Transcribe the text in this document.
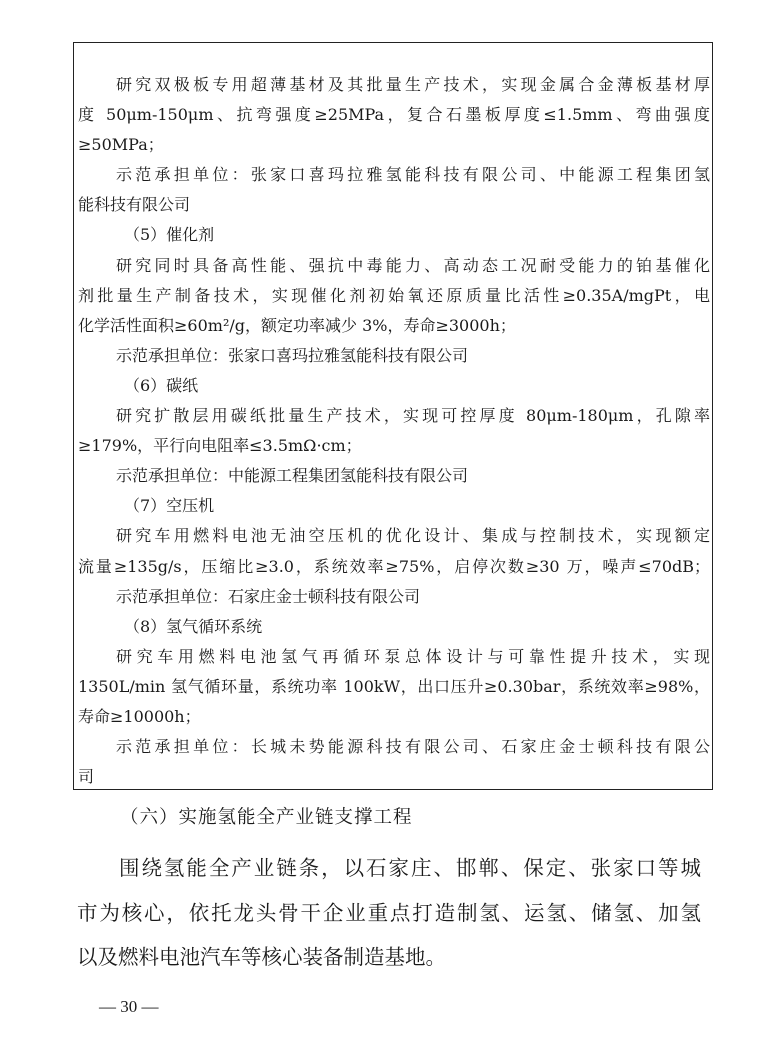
研究双极板专用超薄基材及其批量生产技术，实现金属合金薄板基材厚
度 50μm-150μm、抗弯强度≥25MPa，复合石墨板厚度≤1.5mm、弯曲强度
≥50MPa；
示范承担单位：张家口喜玛拉雅氢能科技有限公司、中能源工程集团氢
能科技有限公司
（5）催化剂
研究同时具备高性能、强抗中毒能力、高动态工况耐受能力的铂基催化
剂批量生产制备技术，实现催化剂初始氧还原质量比活性≥0.35A/mgPt，电
化学活性面积≥60m²/g，额定功率减少 3%，寿命≥3000h；
示范承担单位：张家口喜玛拉雅氢能科技有限公司
（6）碳纸
研究扩散层用碳纸批量生产技术，实现可控厚度 80μm-180μm，孔隙率
≥179%，平行向电阻率≤3.5mΩ·cm；
示范承担单位：中能源工程集团氢能科技有限公司
（7）空压机
研究车用燃料电池无油空压机的优化设计、集成与控制技术，实现额定
流量≥135g/s，压缩比≥3.0，系统效率≥75%，启停次数≥30 万，噪声≤70dB；
示范承担单位：石家庄金士顿科技有限公司
（8）氢气循环系统
研究车用燃料电池氢气再循环泵总体设计与可靠性提升技术，实现
1350L/min 氢气循环量，系统功率 100kW，出口压升≥0.30bar，系统效率≥98%，
寿命≥10000h；
示范承担单位：长城未势能源科技有限公司、石家庄金士顿科技有限公
司
（六）实施氢能全产业链支撑工程
围绕氢能全产业链条，以石家庄、邯郸、保定、张家口等城
市为核心，依托龙头骨干企业重点打造制氢、运氢、储氢、加氢
以及燃料电池汽车等核心装备制造基地。
— 30 —
